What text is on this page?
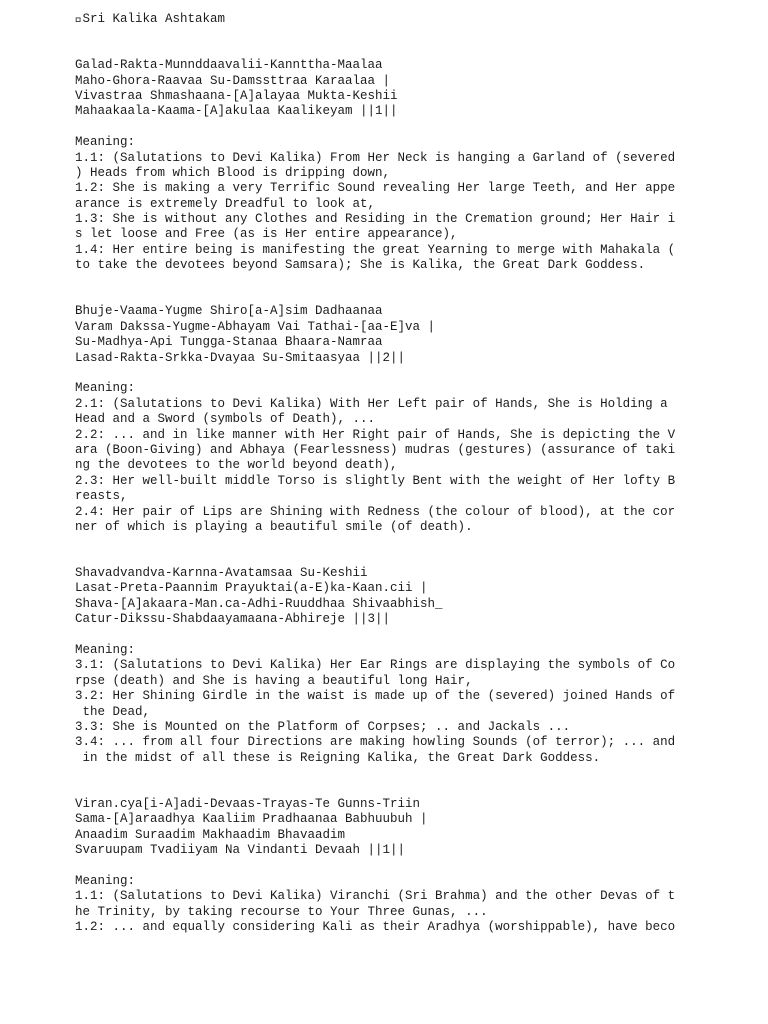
 Sri Kalika Ashtakam
Galad-Rakta-Munnddaavalii-Kannttha-Maalaa
Maho-Ghora-Raavaa Su-Damssttraa Karaalaa |
Vivastraa Shmashaana-[A]alayaa Mukta-Keshii
Mahaakaala-Kaama-[A]akulaa Kaalikeyam ||1||
Meaning:
1.1: (Salutations to Devi Kalika) From Her Neck is hanging a Garland of (severed
) Heads from which Blood is dripping down,
1.2: She is making a very Terrific Sound revealing Her large Teeth, and Her appe
arance is extremely Dreadful to look at,
1.3: She is without any Clothes and Residing in the Cremation ground; Her Hair i
s let loose and Free (as is Her entire appearance),
1.4: Her entire being is manifesting the great Yearning to merge with Mahakala (
to take the devotees beyond Samsara); She is Kalika, the Great Dark Goddess.
Bhuje-Vaama-Yugme Shiro[a-A]sim Dadhaanaa
Varam Dakssa-Yugme-Abhayam Vai Tathai-[aa-E]va |
Su-Madhya-Api Tungga-Stanaa Bhaara-Namraa
Lasad-Rakta-Srkka-Dvayaa Su-Smitaasyaa ||2||
Meaning:
2.1: (Salutations to Devi Kalika) With Her Left pair of Hands, She is Holding a
Head and a Sword (symbols of Death), ...
2.2: ... and in like manner with Her Right pair of Hands, She is depicting the V
ara (Boon-Giving) and Abhaya (Fearlessness) mudras (gestures) (assurance of taki
ng the devotees to the world beyond death),
2.3: Her well-built middle Torso is slightly Bent with the weight of Her lofty B
reasts,
2.4: Her pair of Lips are Shining with Redness (the colour of blood), at the cor
ner of which is playing a beautiful smile (of death).
Shavadvandva-Karnna-Avatamsaa Su-Keshii
Lasat-Preta-Paannim Prayuktai(a-E)ka-Kaan.cii |
Shava-[A]akaara-Man.ca-Adhi-Ruuddhaa Shivaabhish_
Catur-Dikssu-Shabdaayamaana-Abhireje ||3||
Meaning:
3.1: (Salutations to Devi Kalika) Her Ear Rings are displaying the symbols of Co
rpse (death) and She is having a beautiful long Hair,
3.2: Her Shining Girdle in the waist is made up of the (severed) joined Hands of
the Dead,
3.3: She is Mounted on the Platform of Corpses; .. and Jackals ...
3.4: ... from all four Directions are making howling Sounds (of terror); ... and
in the midst of all these is Reigning Kalika, the Great Dark Goddess.
Viran.cya[i-A]adi-Devaas-Trayas-Te Gunns-Triin
Sama-[A]araadhya Kaaliim Pradhaanaa Babhuubuh |
Anaadim Suraadim Makhaadim Bhavaadim
Svaruupam Tvadiiyam Na Vindanti Devaah ||1||
Meaning:
1.1: (Salutations to Devi Kalika) Viranchi (Sri Brahma) and the other Devas of t
he Trinity, by taking recourse to Your Three Gunas, ...
1.2: ... and equally considering Kali as their Aradhya (worshippable), have beco
